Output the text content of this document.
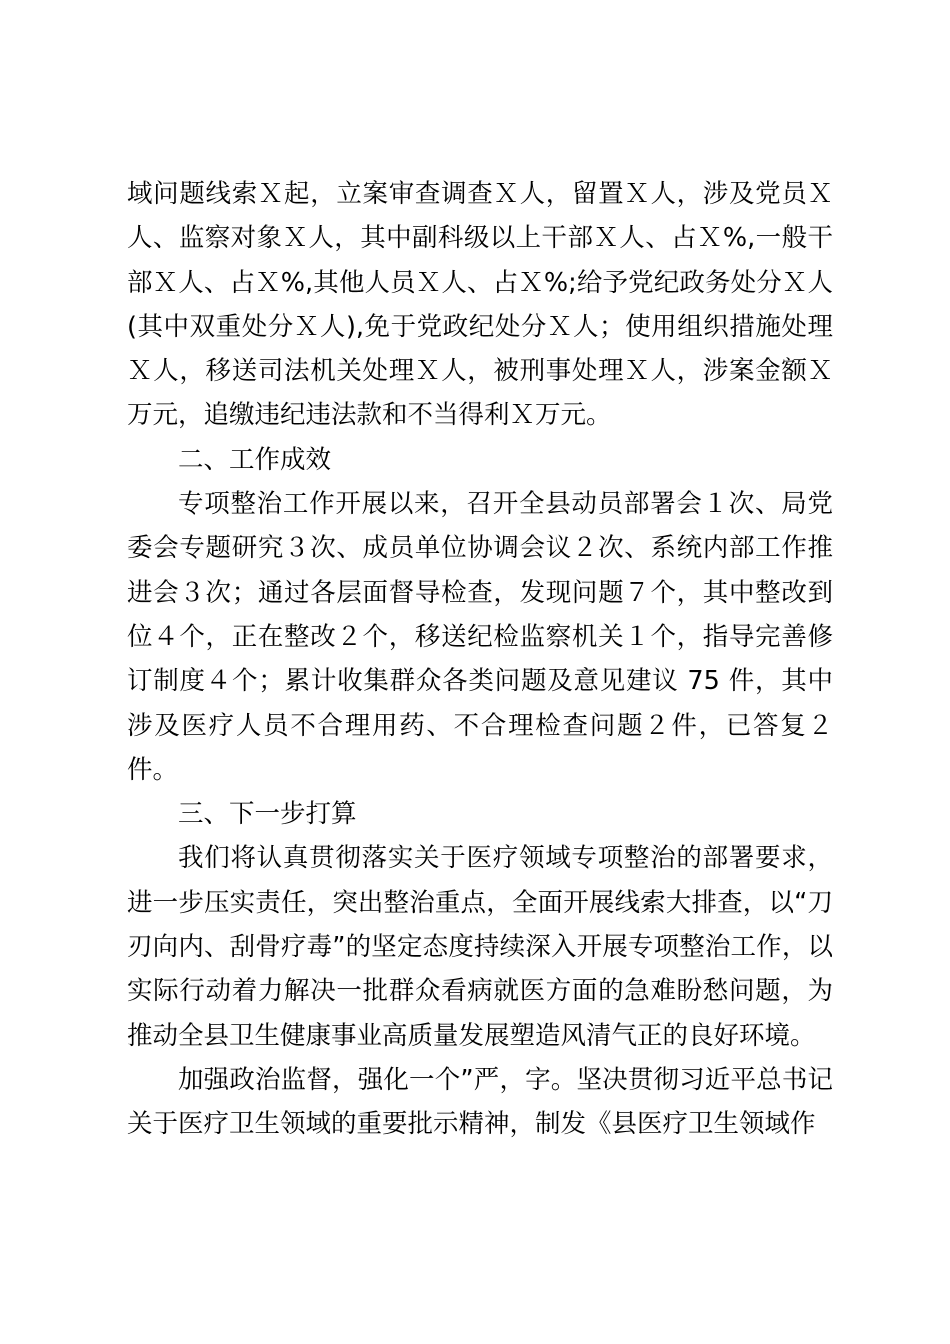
域问题线索Ｘ起，立案审查调查Ｘ人，留置Ｘ人，涉及党员Ｘ人、监察对象Ｘ人，其中副科级以上干部Ｘ人、占Ｘ%,一般干部Ｘ人、占Ｘ%,其他人员Ｘ人、占Ｘ%;给予党纪政务处分Ｘ人(其中双重处分Ｘ人),免于党政纪处分Ｘ人；使用组织措施处理Ｘ人，移送司法机关处理Ｘ人，被刑事处理Ｘ人，涉案金额Ｘ万元，追缴违纪违法款和不当得利Ｘ万元。

二、工作成效

专项整治工作开展以来，召开全县动员部署会１次、局党委会专题研究３次、成员单位协调会议２次、系统内部工作推进会３次；通过各层面督导检查，发现问题７个，其中整改到位４个，正在整改２个，移送纪检监察机关１个，指导完善修订制度４个；累计收集群众各类问题及意见建议 75 件，其中涉及医疗人员不合理用药、不合理检查问题２件，已答复２件。

三、下一步打算

我们将认真贯彻落实关于医疗领域专项整治的部署要求，进一步压实责任，突出整治重点，全面开展线索大排查，以“刀刃向内、刮骨疗毒”的坚定态度持续深入开展专项整治工作，以实际行动着力解决一批群众看病就医方面的急难盼愁问题，为推动全县卫生健康事业高质量发展塑造风清气正的良好环境。

加强政治监督，强化一个”严，字。坚决贯彻习近平总书记关于医疗卫生领域的重要批示精神，制发《县医疗卫生领域作
